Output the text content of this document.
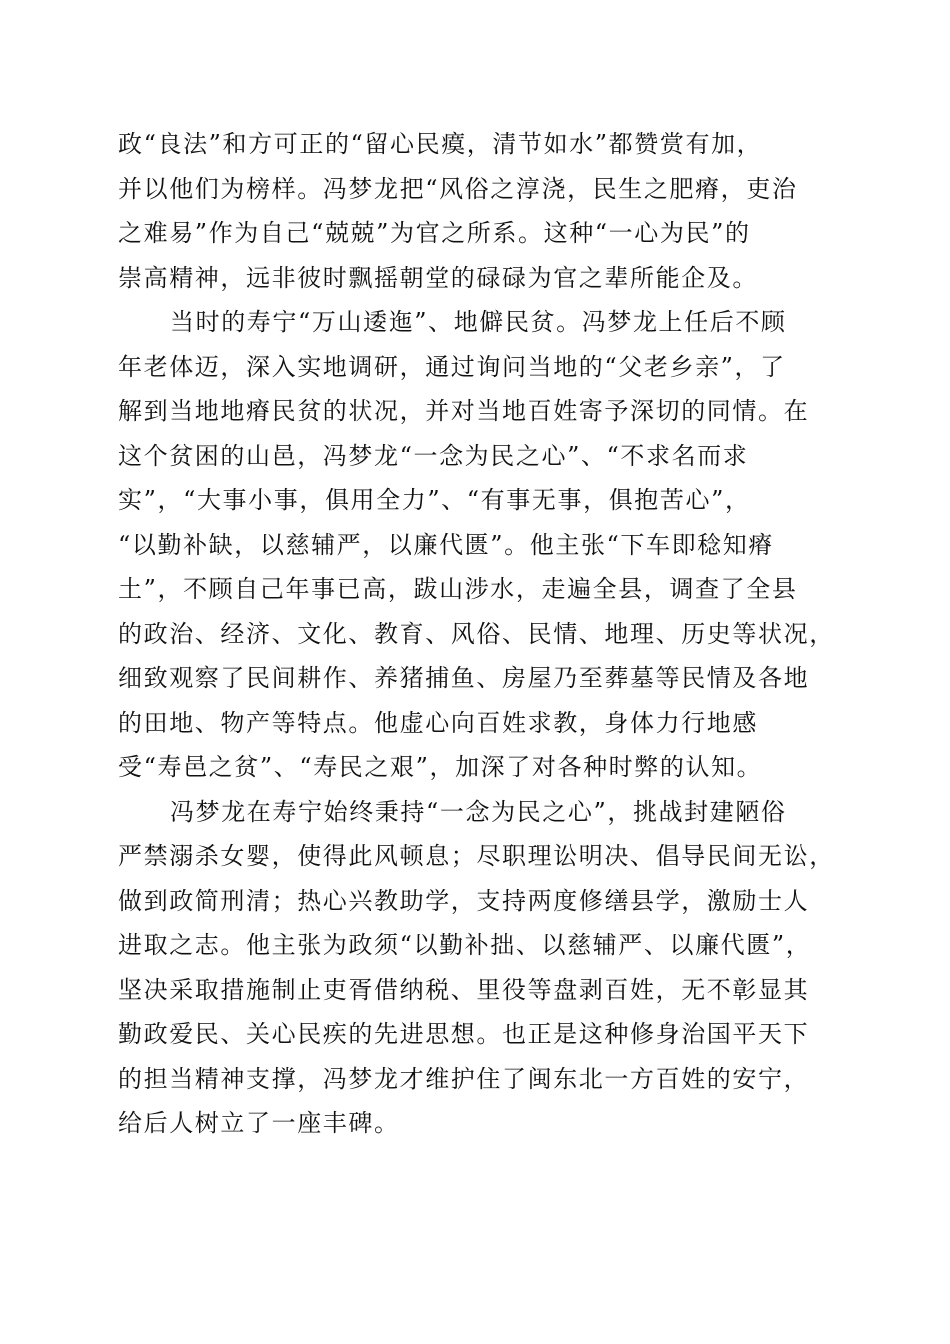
政“良法”和方可正的“留心民瘼，清节如水”都赞赏有加，
并以他们为榜样。冯梦龙把“风俗之淳浇，民生之肥瘠，吏治
之难易”作为自己“兢兢”为官之所系。这种“一心为民”的
崇高精神，远非彼时飘摇朝堂的碌碌为官之辈所能企及。
当时的寿宁“万山逶迤”、地僻民贫。冯梦龙上任后不顾
年老体迈，深入实地调研，通过询问当地的“父老乡亲”，了
解到当地地瘠民贫的状况，并对当地百姓寄予深切的同情。在
这个贫困的山邑，冯梦龙“一念为民之心”、“不求名而求
实”，“大事小事，俱用全力”、“有事无事，俱抱苦心”，
“以勤补缺，以慈辅严，以廉代匮”。他主张“下车即稔知瘠
土”，不顾自己年事已高，跋山涉水，走遍全县，调查了全县
的政治、经济、文化、教育、风俗、民情、地理、历史等状况，
细致观察了民间耕作、养猪捕鱼、房屋乃至葬墓等民情及各地
的田地、物产等特点。他虚心向百姓求教，身体力行地感
受“寿邑之贫”、“寿民之艰”，加深了对各种时弊的认知。
冯梦龙在寿宁始终秉持“一念为民之心”，挑战封建陋俗
严禁溺杀女婴，使得此风顿息；尽职理讼明决、倡导民间无讼，
做到政简刑清；热心兴教助学，支持两度修缮县学，激励士人
进取之志。他主张为政须“以勤补拙、以慈辅严、以廉代匮”，
坚决采取措施制止吏胥借纳税、里役等盘剥百姓，无不彰显其
勤政爱民、关心民疾的先进思想。也正是这种修身治国平天下
的担当精神支撑，冯梦龙才维护住了闽东北一方百姓的安宁，
给后人树立了一座丰碑。
